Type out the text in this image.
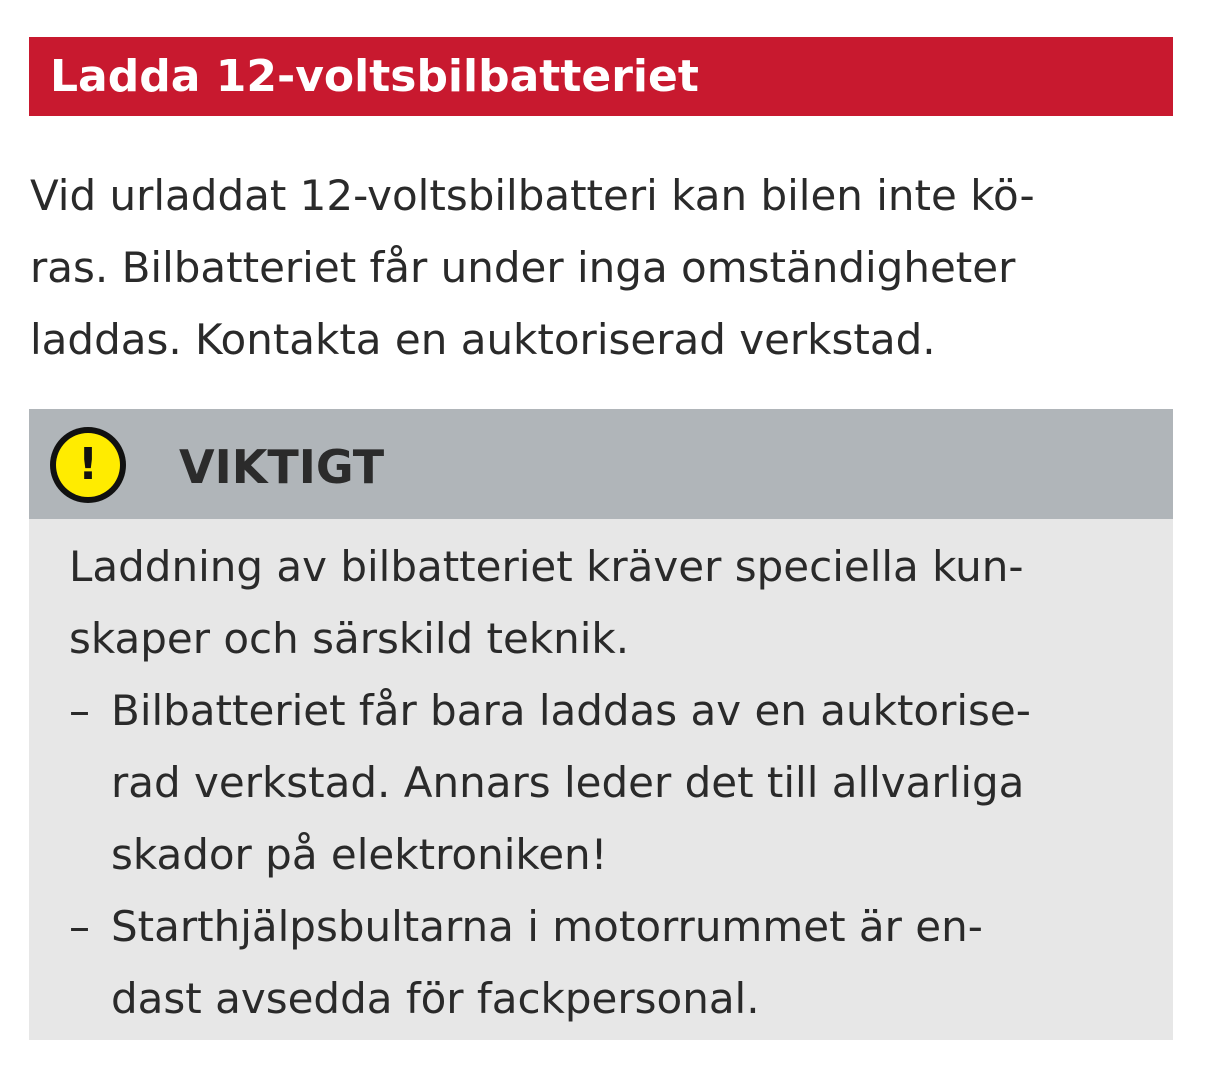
Ladda 12-voltsbilbatteriet
Vid urladdat 12-voltsbilbatteri kan bilen inte kö-
ras. Bilbatteriet får under inga omständigheter
laddas. Kontakta en auktoriserad verkstad.
!	VIKTIGT
Laddning av bilbatteriet kräver speciella kun-
skaper och särskild teknik.
– Bilbatteriet får bara laddas av en auktorise-
rad verkstad. Annars leder det till allvarliga
skador på elektroniken!
– Starthjälpsbultarna i motorrummet är en-
dast avsedda för fackpersonal.
